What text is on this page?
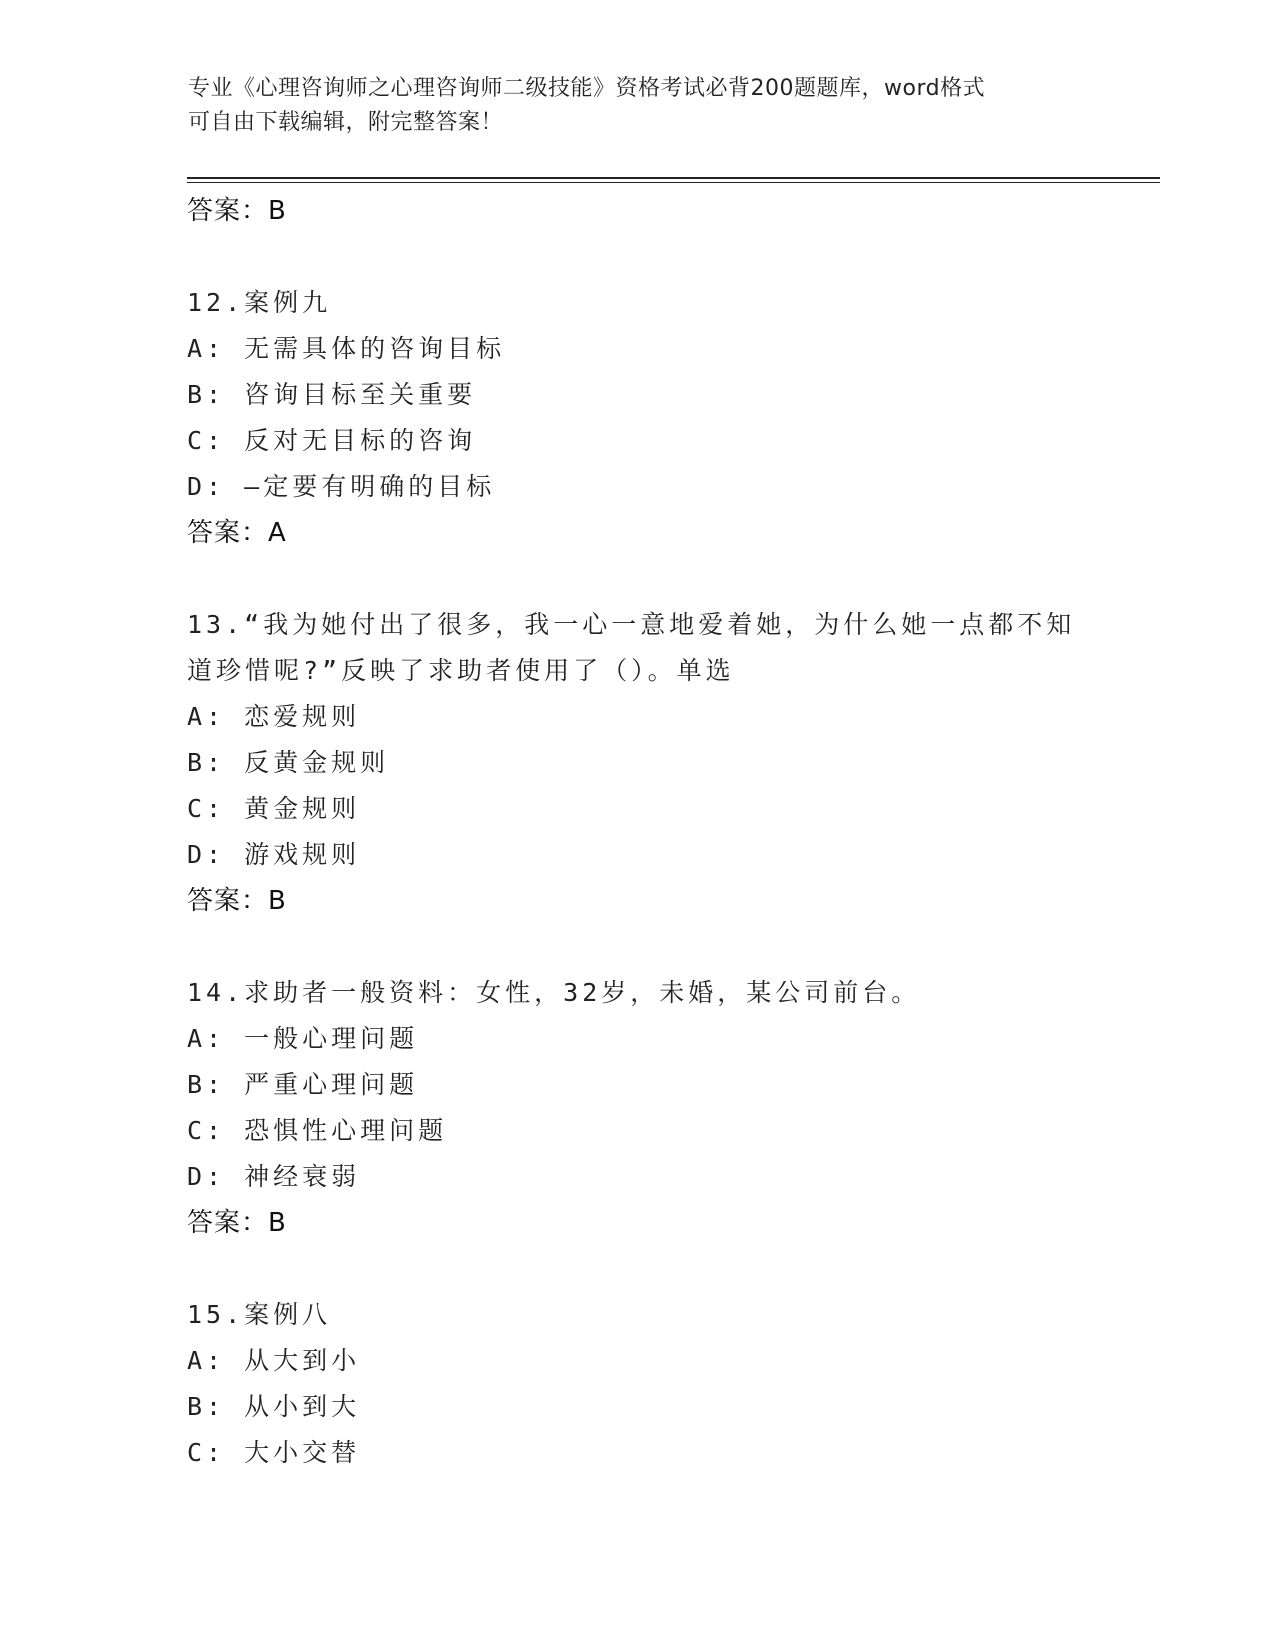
专业《心理咨询师之心理咨询师二级技能》资格考试必背200题题库，word格式
可自由下载编辑，附完整答案！
答案：B
12.案例九
A: 无需具体的咨询目标
B: 咨询目标至关重要
C: 反对无目标的咨询
D: —定要有明确的目标
答案：A
13.“我为她付出了很多，我一心一意地爱着她，为什么她一点都不知
道珍惜呢?”反映了求助者使用了（）。单选
A: 恋爱规则
B: 反黄金规则
C: 黄金规则
D: 游戏规则
答案：B
14.求助者一般资料：女性，32岁，未婚，某公司前台。
A: 一般心理问题
B: 严重心理问题
C: 恐惧性心理问题
D: 神经衰弱
答案：B
15.案例八
A: 从大到小
B: 从小到大
C: 大小交替
